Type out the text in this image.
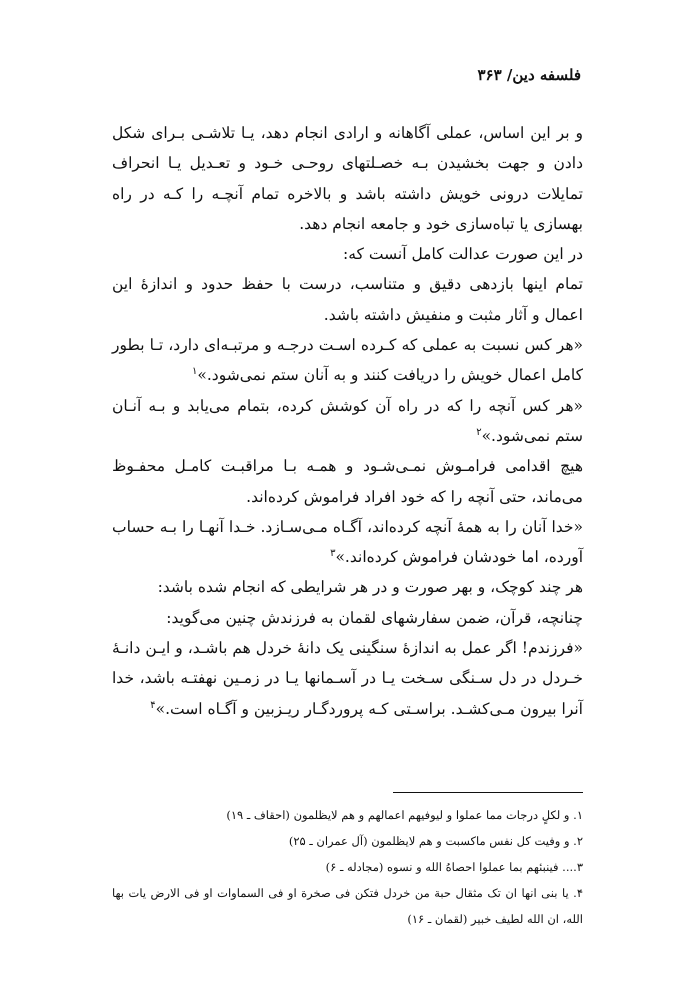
فلسفه دین/ ۳۶۳

و بر این اساس، عملی آگاهانه و ارادی انجام دهد، یـا تلاشـی بـرای شکل دادن و جهت بخشیدن بـه خصـلتهای روحـی خـود و تعـدیل یـا انحراف تمایلات درونی خویش داشته باشد و بالاخره تمام آنچـه را کـه در راه بهسازی یا تباه‌سازی خود و جامعه انجام دهد.

در این صورت عدالت کامل آنست که:

تمام اینها بازدهی دقیق و متناسب، درست با حفظ حدود و اندازهٔ این اعمال و آثار مثبت و منفیش داشته باشد.

«هر کس نسبت به عملی که کـرده اسـت درجـه و مرتبـه‌ای دارد، تـا بطور کامل اعمال خویش را دریافت کنند و به آنان ستم نمی‌شود.»$^۱$

«هر کس آنچه را که در راه آن کوشش کرده، بتمام می‌یابد و بـه آنـان ستم نمی‌شود.»$^۲$

هیچ اقدامی فرامـوش نمـی‌شـود و همـه بـا مراقبـت کامـل محفـوظ می‌ماند، حتی آنچه را که خود افراد فراموش کرده‌اند.

«خدا آنان را به همهٔ آنچه کرده‌اند، آگـاه مـی‌سـازد. خـدا آنهـا را بـه حساب آورده، اما خودشان فراموش کرده‌اند.»$^۳$

هر چند کوچک، و بهر صورت و در هر شرایطی که انجام شده باشد:

چنانچه، قرآن، ضمن سفارشهای لقمان به فرزندش چنین می‌گوید:

«فرزندم! اگر عمل به اندازهٔ سنگینی یک دانهٔ خردل هم باشـد، و ایـن دانـهٔ خـردل در دل سـنگی سـخت یـا در آسـمانها یـا در زمـین نهفتـه باشد، خدا آنرا بیرون مـی‌کشـد. براسـتی کـه پروردگـار ریـزبین و آگـاه است.»$^۴$

۱. و لکلٍ درجات مما عملوا و لیوفیهم اعمالهم و هم لایظلمون (احقاف ـ ۱۹)

۲. و وفیت کل نفس ماکسبت و هم لایظلمون (آل عمران ـ ۲۵)

۳.... فینبئهم بما عملوا احصاهُ الله و نسوه (مجادله ـ ۶)

۴. یا بنی انها ان تک مثقال حبة من خردل فتکن فی صخرة او فی السماوات او فی الارض یات بها الله، ان الله لطیف خبیر (لقمان ـ ۱۶)
